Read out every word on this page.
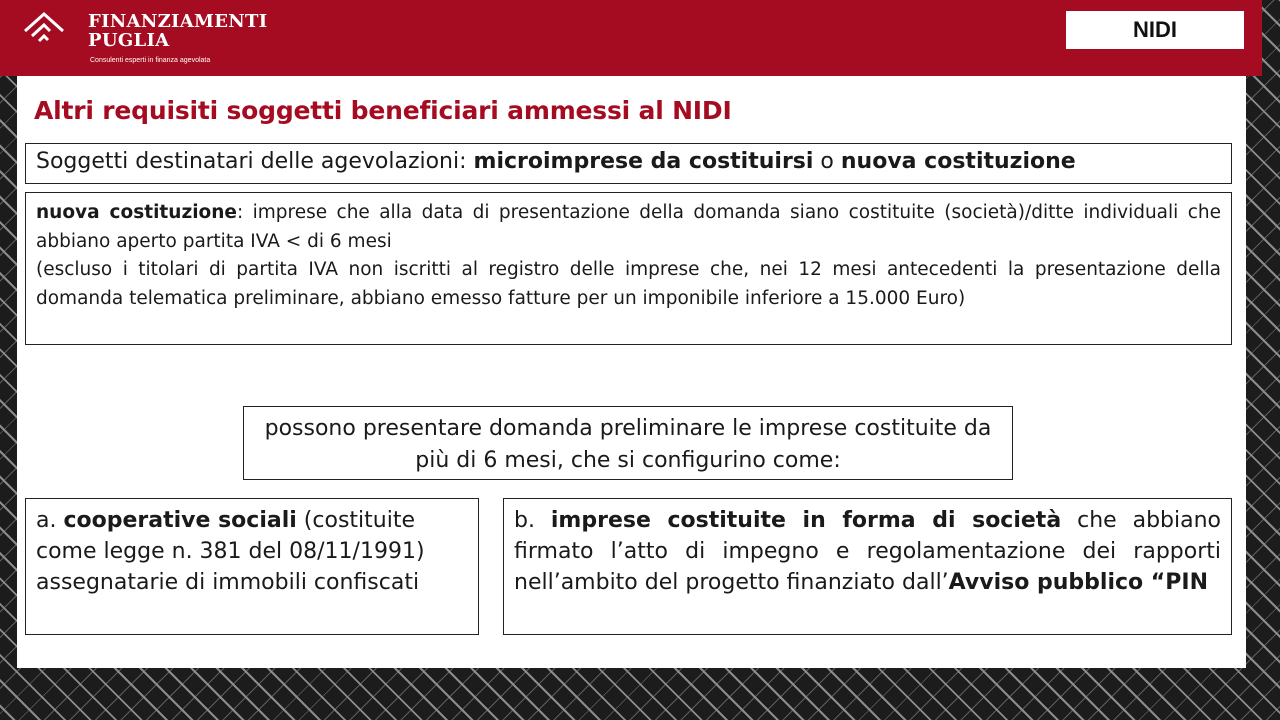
FINANZIAMENTI
PUGLIA
Consulenti esperti in finanza agevolata
NIDI
Altri requisiti soggetti beneficiari ammessi al NIDI
Soggetti destinatari delle agevolazioni: microimprese da costituirsi o nuova costituzione
nuova costituzione: imprese che alla data di presentazione della domanda siano costituite (società)/ditte individuali che abbiano aperto partita IVA < di 6 mesi
(escluso i titolari di partita IVA non iscritti al registro delle imprese che, nei 12 mesi antecedenti la presentazione della domanda telematica preliminare, abbiano emesso fatture per un imponibile inferiore a 15.000 Euro)
possono presentare domanda preliminare le imprese costituite da più di 6 mesi, che si configurino come:
a. cooperative sociali (costituite come legge n. 381 del 08/11/1991) assegnatarie di immobili confiscati
b. imprese costituite in forma di società che abbiano firmato l’atto di impegno e regolamentazione dei rapporti nell’ambito del progetto finanziato dall’Avviso pubblico “PIN
